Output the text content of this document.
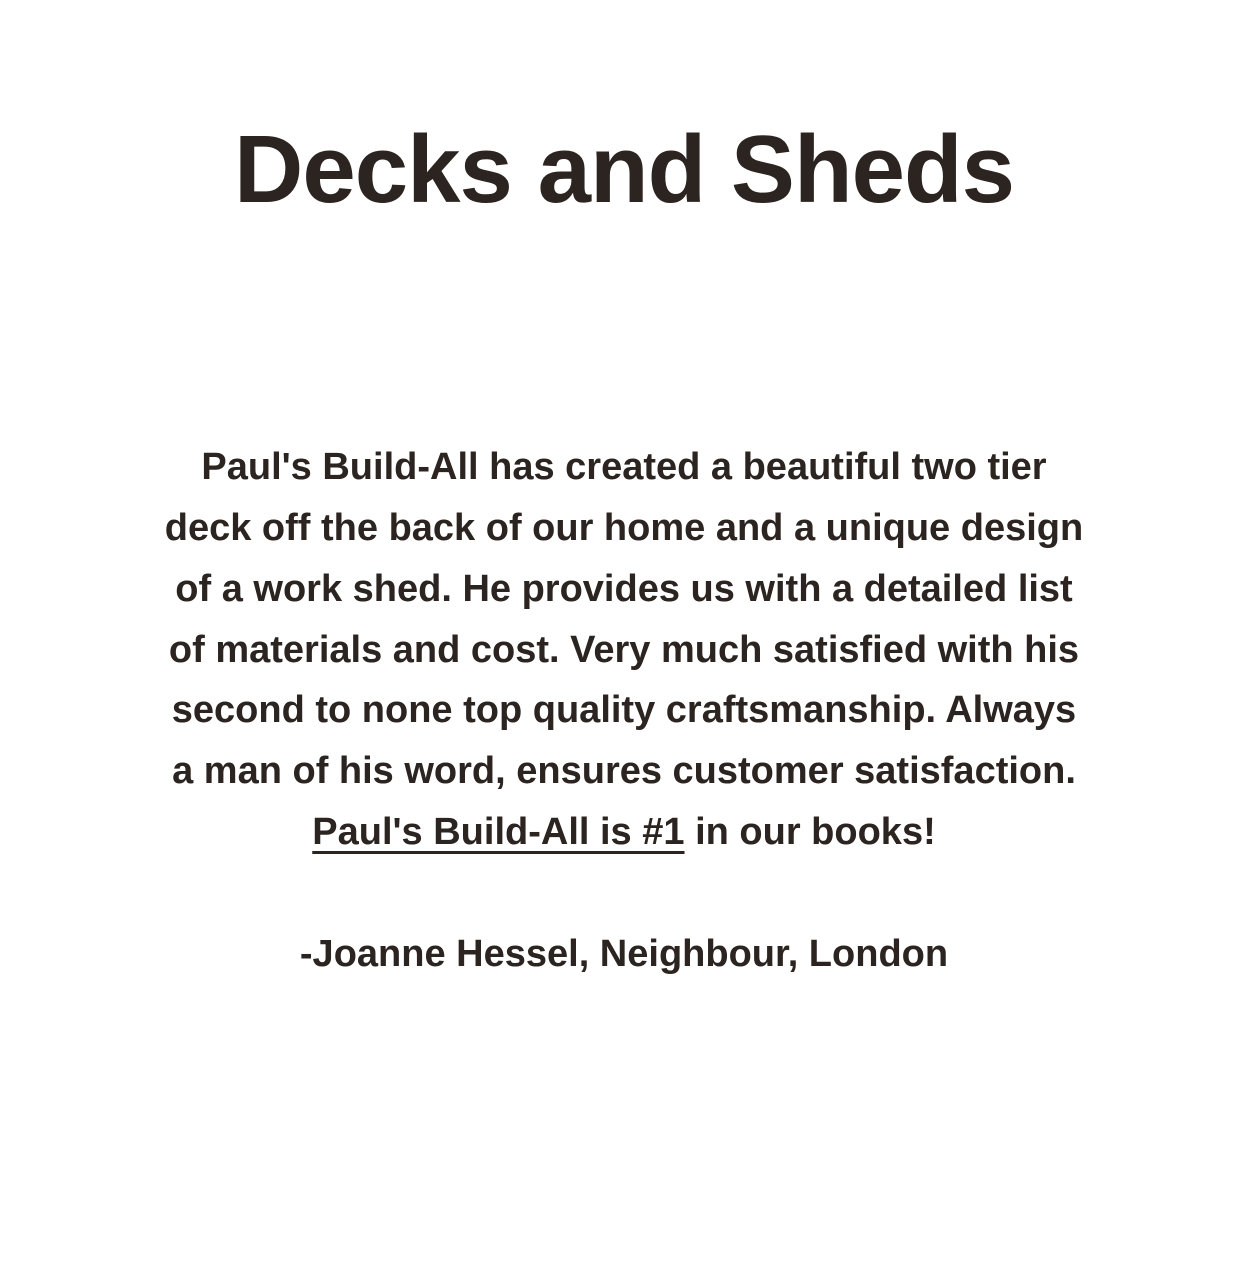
Decks and Sheds

Paul's Build-All has created a beautiful two tier deck off the back of our home and a unique design of a work shed. He provides us with a detailed list of materials and cost. Very much satisfied with his second to none top quality craftsmanship. Always a man of his word, ensures customer satisfaction. Paul's Build-All is #1 in our books!

-Joanne Hessel, Neighbour, London
